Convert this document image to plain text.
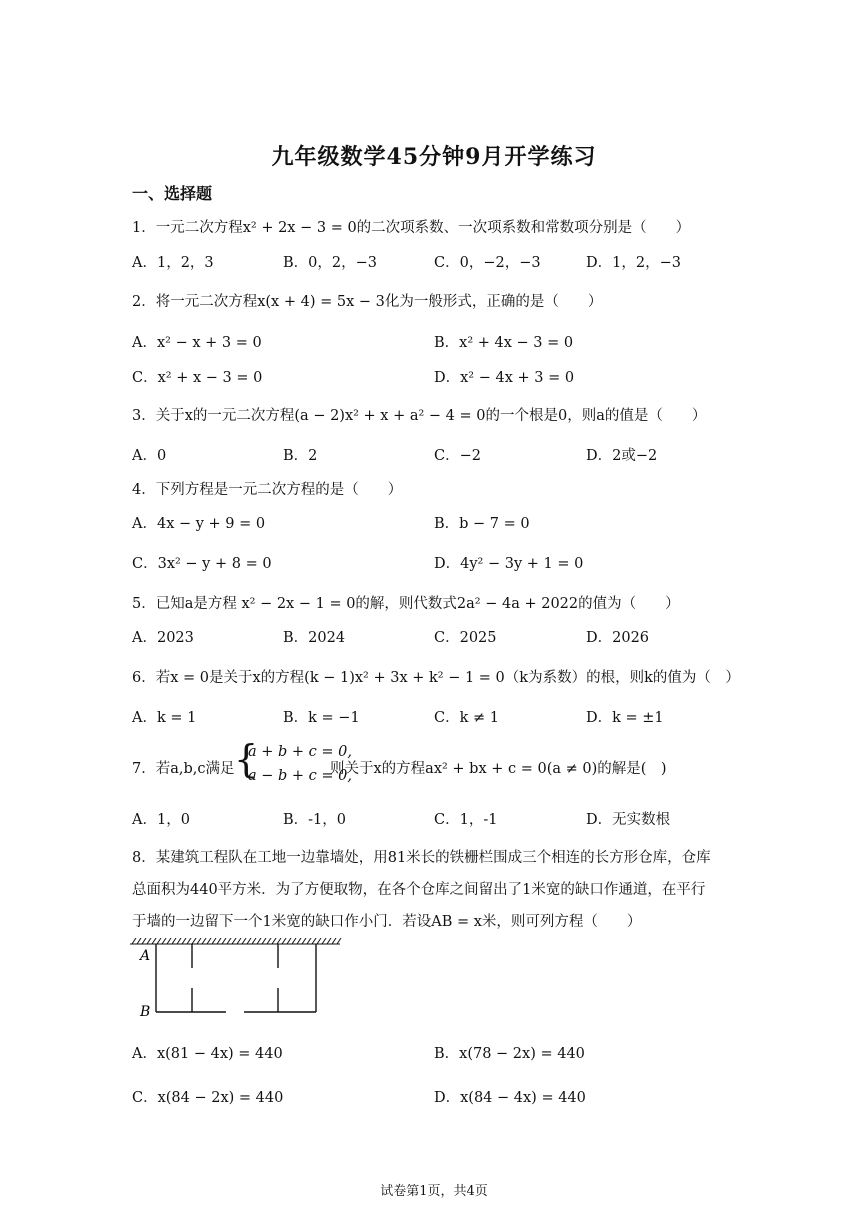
九年级数学45分钟9月开学练习
一、选择题
1．一元二次方程x² + 2x − 3 = 0的二次项系数、一次项系数和常数项分别是（　　）
A．1，2，3	B．0，2，−3	C．0，−2，−3	D．1，2，−3
2．将一元二次方程x(x + 4) = 5x − 3化为一般形式，正确的是（　　）
A．x² − x + 3 = 0	B．x² + 4x − 3 = 0
C．x² + x − 3 = 0	D．x² − 4x + 3 = 0
3．关于x的一元二次方程(a − 2)x² + x + a² − 4 = 0的一个根是0，则a的值是（　　）
A．0	B．2	C．−2	D．2或−2
4．下列方程是一元二次方程的是（　　）
A．4x − y + 9 = 0	B．b − 7 = 0
C．3x² − y + 8 = 0	D．4y² − 3y + 1 = 0
5．已知a是方程 x² − 2x − 1 = 0的解，则代数式2a² − 4a + 2022的值为（　　）
A．2023	B．2024	C．2025	D．2026
6．若x = 0是关于x的方程(k − 1)x² + 3x + k² − 1 = 0（k为系数）的根，则k的值为（　）
A．k = 1	B．k = −1	C．k ≠ 1	D．k = ±1
7．若a,b,c满足 {
a + b + c = 0,
a − b + c = 0,
则关于x的方程ax² + bx + c = 0(a ≠ 0)的解是(　)
A．1，0	B．-1，0	C．1，-1	D．无实数根
8．某建筑工程队在工地一边靠墙处，用81米长的铁栅栏围成三个相连的长方形仓库，仓库
总面积为440平方米．为了方便取物，在各个仓库之间留出了1米宽的缺口作通道，在平行
于墙的一边留下一个1米宽的缺口作小门．若设AB = x米，则可列方程（　　）
A
B
A．x(81 − 4x) = 440	B．x(78 − 2x) = 440
C．x(84 − 2x) = 440	D．x(84 − 4x) = 440
试卷第1页，共4页
